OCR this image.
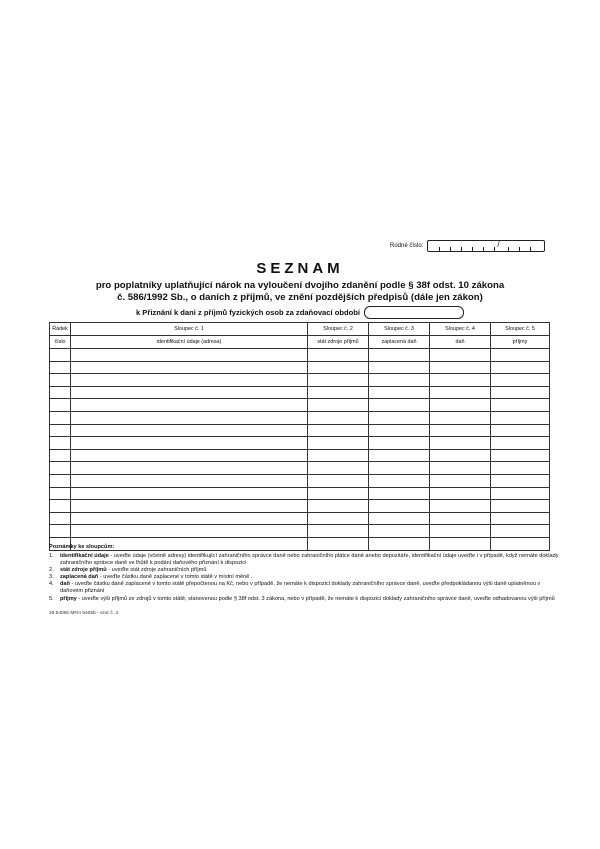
Rodné číslo:	/
SEZNAM
pro poplatníky uplatňující nárok na vyloučení dvojího zdanění podle § 38f odst. 10 zákona
č. 586/1992 Sb., o daních z příjmů, ve znění pozdějších předpisů (dále jen zákon)
k Přiznání k dani z příjmů fyzických osob za zdaňovací období
Řádek	Sloupec č. 1	Sloupec č. 2	Sloupec č. 3	Sloupec č. 4	Sloupec č. 5
číslo	identifikační údaje (adresa)	stát zdroje příjmů	zaplacená daň	daň	příjmy

Poznámky ke sloupcům:
1.	identifikační údaje - uveďte údaje (včetně adresy) identifikující zahraničního správce daně nebo zahraničního plátce daně anebo depozitáře, identifikační údaje uveďte i v případě, když nemáte doklady zahraničního správce daně ve lhůtě k podání daňového přiznání k dispozici
2.	stát zdroje příjmů - uveďte stát zdroje zahraničních příjmů
3.	zaplacená daň - uveďte částku daně zaplacené v tomto státě v místní měně .
4.	daň - uveďte částku daně zaplacené v tomto státě přepočtenou na Kč, nebo v případě, že nemáte k dispozici doklady zahraničního správce daně, uveďte předpokládanou výši daně uplatněnou v daňovém přiznání
5.	příjmy - uveďte výši příjmů ze zdrojů v tomto státě, stanovenou podle § 38f odst. 3 zákona, nebo v případě, že nemáte k dispozici doklady zahraničního správce daně, uveďte odhadovanou výši příjmů
25 5405b MFin 5405b - vzor č. 3
